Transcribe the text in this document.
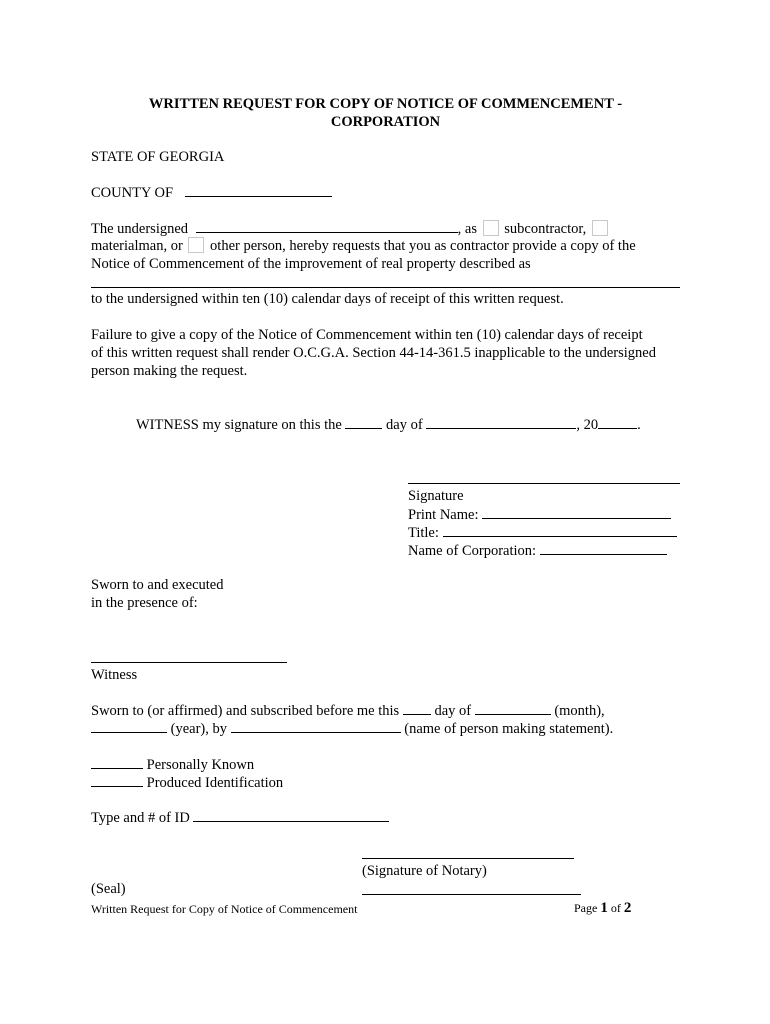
WRITTEN REQUEST FOR COPY OF NOTICE OF COMMENCEMENT -
CORPORATION
STATE OF GEORGIA
COUNTY OF
The undersigned	, as subcontractor,
materialman, or other person, hereby requests that you as contractor provide a copy of the
Notice of Commencement of the improvement of real property described as
to the undersigned within ten (10) calendar days of receipt of this written request.
Failure to give a copy of the Notice of Commencement within ten (10) calendar days of receipt
of this written request shall render O.C.G.A. Section 44-14-361.5 inapplicable to the undersigned
person making the request.
WITNESS my signature on this the	day of	, 20	.
Signature
Print Name:
Title:
Name of Corporation:
Sworn to and executed
in the presence of:
Witness
Sworn to (or affirmed) and subscribed before me this day of	(month),
(year), by	(name of person making statement).
Personally Known
Produced Identification
Type and # of ID
(Signature of Notary)
(Seal)
Written Request for Copy of Notice of Commencement	Page 1 of 2
